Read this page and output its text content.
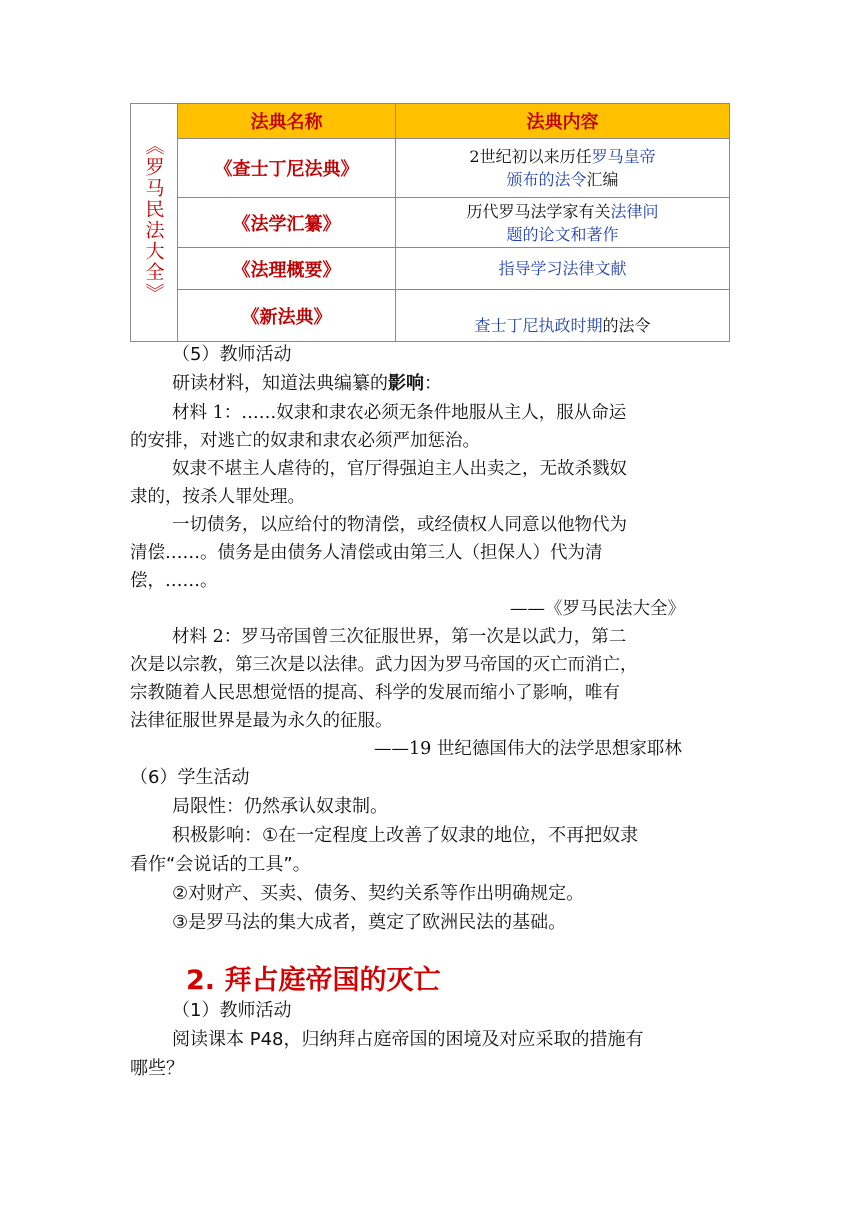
《罗马民法大全》	法典名称	法典内容
	《查士丁尼法典》	2世纪初以来历任罗马皇帝
颁布的法令汇编
	《法学汇纂》	历代罗马法学家有关法律问
题的论文和著作
	《法理概要》	指导学习法律文献
	《新法典》	查士丁尼执政时期的法令
（5）教师活动
研读材料，知道法典编纂的影响：
材料 1：……奴隶和隶农必须无条件地服从主人，服从命运
的安排，对逃亡的奴隶和隶农必须严加惩治。
奴隶不堪主人虐待的，官厅得强迫主人出卖之，无故杀戮奴
隶的，按杀人罪处理。
一切债务，以应给付的物清偿，或经债权人同意以他物代为
清偿……。债务是由债务人清偿或由第三人（担保人）代为清
偿，……。
——《罗马民法大全》
材料 2：罗马帝国曾三次征服世界，第一次是以武力，第二
次是以宗教，第三次是以法律。武力因为罗马帝国的灭亡而消亡，
宗教随着人民思想觉悟的提高、科学的发展而缩小了影响，唯有
法律征服世界是最为永久的征服。
——19 世纪德国伟大的法学思想家耶林
（6）学生活动
局限性：仍然承认奴隶制。
积极影响：①在一定程度上改善了奴隶的地位，不再把奴隶
看作“会说话的工具”。
②对财产、买卖、债务、契约关系等作出明确规定。
③是罗马法的集大成者，奠定了欧洲民法的基础。
2. 拜占庭帝国的灭亡
（1）教师活动
阅读课本 P48，归纳拜占庭帝国的困境及对应采取的措施有
哪些？
